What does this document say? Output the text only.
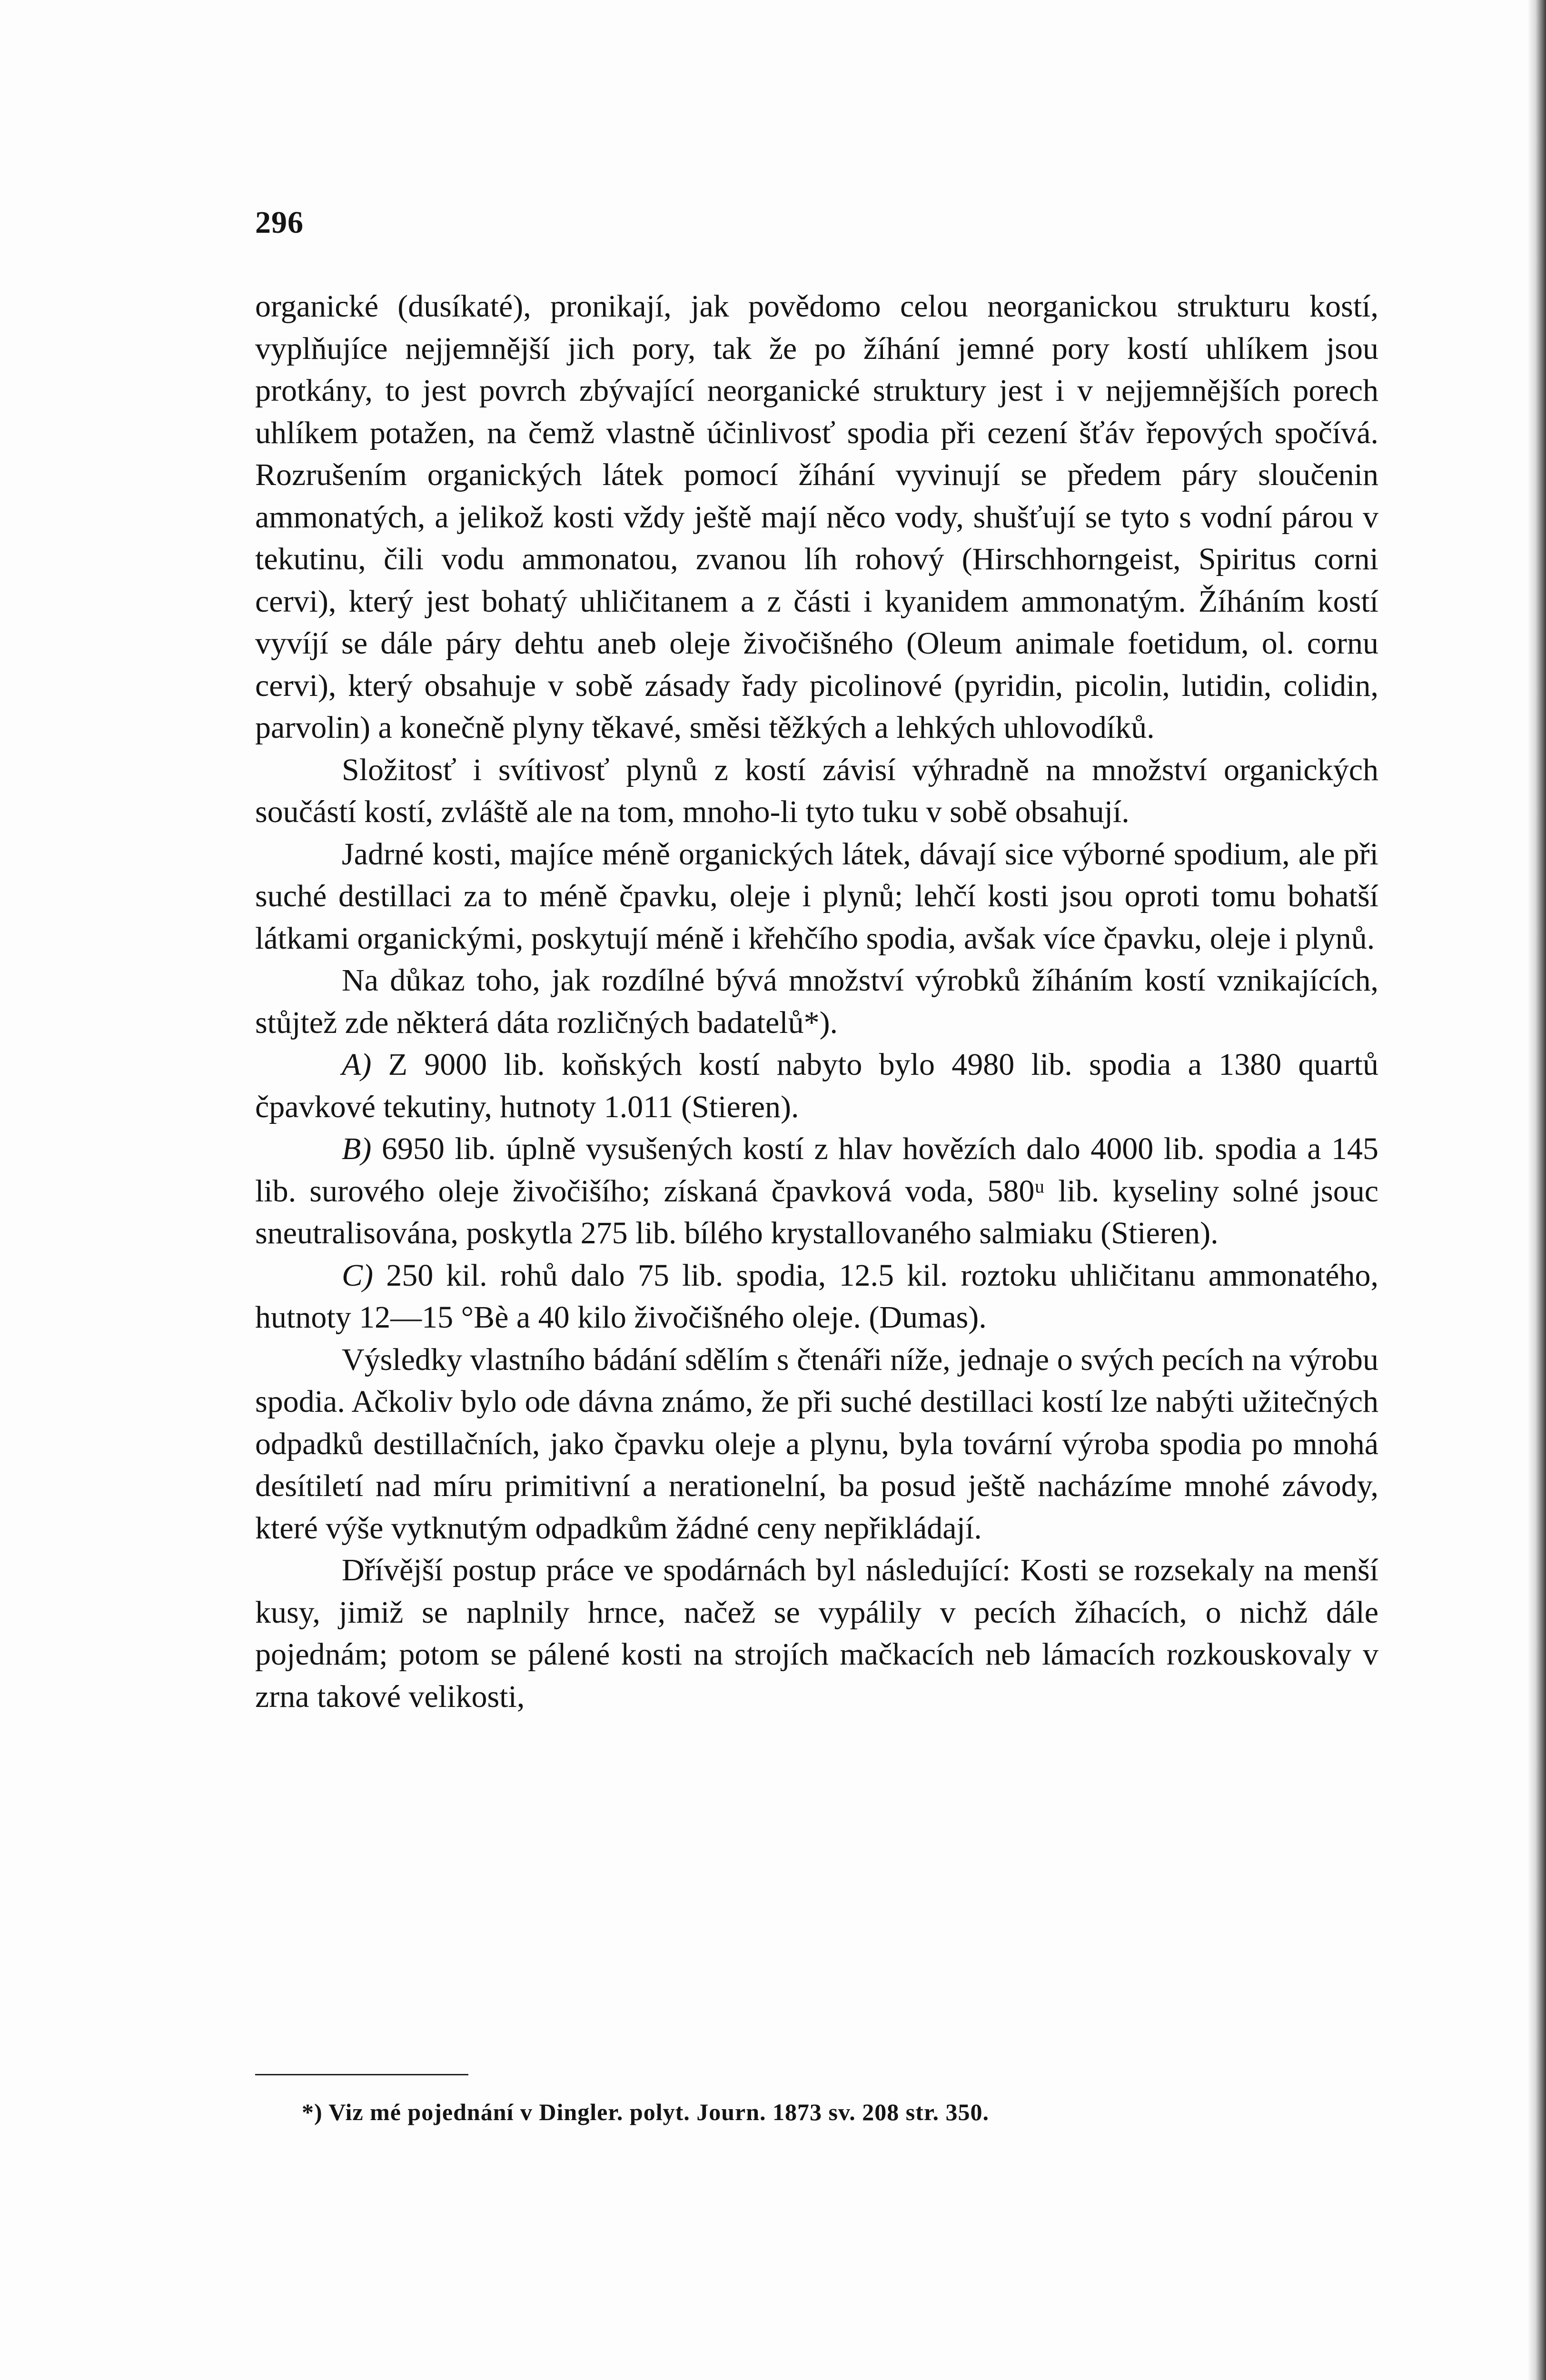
296

organické (dusíkaté), pronikají, jak povědomo celou neorganickou strukturu kostí, vyplňujíce nejjemnější jich pory, tak že po žíhání jemné pory kostí uhlíkem jsou protkány, to jest povrch zbývající neorganické struktury jest i v nejjemnějších porech uhlíkem potažen, na čemž vlastně účinlivosť spodia při cezení šťáv řepových spočívá. Rozrušením organických látek pomocí žíhání vyvinují se předem páry sloučenin ammonatých, a jelikož kosti vždy ještě mají něco vody, shušťují se tyto s vodní párou v tekutinu, čili vodu ammonatou, zvanou líh rohový (Hirschhorngeist, Spiritus corni cervi), který jest bohatý uhličitanem a z části i kyanidem ammonatým. Žíháním kostí vyvíjí se dále páry dehtu aneb oleje živočišného (Oleum animale foetidum, ol. cornu cervi), který obsahuje v sobě zásady řady picolinové (pyridin, picolin, lutidin, colidin, parvolin) a konečně plyny těkavé, směsi těžkých a lehkých uhlovodíků.

Složitosť i svítivosť plynů z kostí závisí výhradně na množství organických součástí kostí, zvláště ale na tom, mnoho-li tyto tuku v sobě obsahují.

Jadrné kosti, majíce méně organických látek, dávají sice výborné spodium, ale při suché destillaci za to méně čpavku, oleje i plynů; lehčí kosti jsou oproti tomu bohatší látkami organickými, poskytují méně i křehčího spodia, avšak více čpavku, oleje i plynů.

Na důkaz toho, jak rozdílné bývá množství výrobků žíháním kostí vznikajících, stůjtež zde některá dáta rozličných badatelů*).

A) Z 9000 lib. koňských kostí nabyto bylo 4980 lib. spodia a 1380 quartů čpavkové tekutiny, hutnoty 1.011 (Stieren).

B) 6950 lib. úplně vysušených kostí z hlav hovězích dalo 4000 lib. spodia a 145 lib. surového oleje živočišího; získaná čpavková voda, 580ᵘ lib. kyseliny solné jsouc sneutralisována, poskytla 275 lib. bílého krystallovaného salmiaku (Stieren).

C) 250 kil. rohů dalo 75 lib. spodia, 12.5 kil. roztoku uhličitanu ammonatého, hutnoty 12—15 °Bè a 40 kilo živočišného oleje. (Dumas).

Výsledky vlastního bádání sdělím s čtenáři níže, jednaje o svých pecích na výrobu spodia. Ačkoliv bylo ode dávna známo, že při suché destillaci kostí lze nabýti užitečných odpadků destillačních, jako čpavku oleje a plynu, byla tovární výroba spodia po mnohá desítiletí nad míru primitivní a nerationelní, ba posud ještě nacházíme mnohé závody, které výše vytknutým odpadkům žádné ceny nepřikládají.

Dřívější postup práce ve spodárnách byl následující: Kosti se rozsekaly na menší kusy, jimiž se naplnily hrnce, načež se vypálily v pecích žíhacích, o nichž dále pojednám; potom se pálené kosti na strojích mačkacích neb lámacích rozkouskovaly v zrna takové velikosti,

*) Viz mé pojednání v Dingler. polyt. Journ. 1873 sv. 208 str. 350.
